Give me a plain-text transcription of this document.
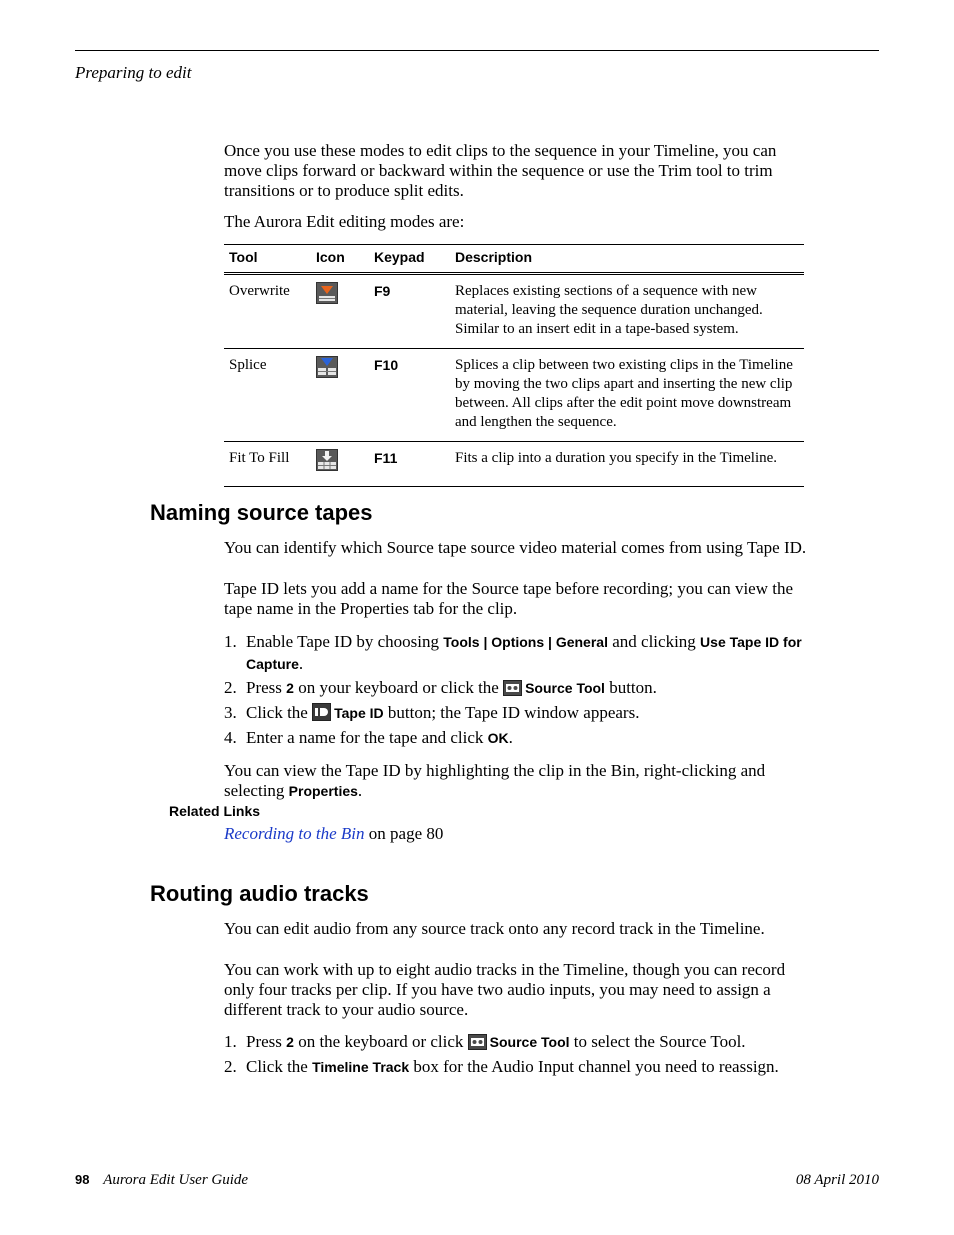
Preparing to edit
Once you use these modes to edit clips to the sequence in your Timeline, you can move clips forward or backward within the sequence or use the Trim tool to trim transitions or to produce split edits.
The Aurora Edit editing modes are:
Tool	Icon	Keypad	Description
Overwrite		F9	Replaces existing sections of a sequence with new material, leaving the sequence duration unchanged. Similar to an insert edit in a tape-based system.
Splice		F10	Splices a clip between two existing clips in the Timeline by moving the two clips apart and inserting the new clip between. All clips after the edit point move downstream and lengthen the sequence.
Fit To Fill		F11	Fits a clip into a duration you specify in the Timeline.
Naming source tapes
You can identify which Source tape source video material comes from using Tape ID.
Tape ID lets you add a name for the Source tape before recording; you can view the tape name in the Properties tab for the clip.
1. Enable Tape ID by choosing Tools | Options | General and clicking Use Tape ID for
Capture.
2. Press 2 on your keyboard or click the Source Tool button.
3. Click the Tape ID button; the Tape ID window appears.
4. Enter a name for the tape and click OK.
You can view the Tape ID by highlighting the clip in the Bin, right-clicking and selecting Properties.
Related Links
Recording to the Bin on page 80
Routing audio tracks
You can edit audio from any source track onto any record track in the Timeline.
You can work with up to eight audio tracks in the Timeline, though you can record only four tracks per clip. If you have two audio inputs, you may need to assign a different track to your audio source.
1. Press 2 on the keyboard or click Source Tool to select the Source Tool.
2. Click the Timeline Track box for the Audio Input channel you need to reassign.
98 Aurora Edit User Guide	08 April 2010
